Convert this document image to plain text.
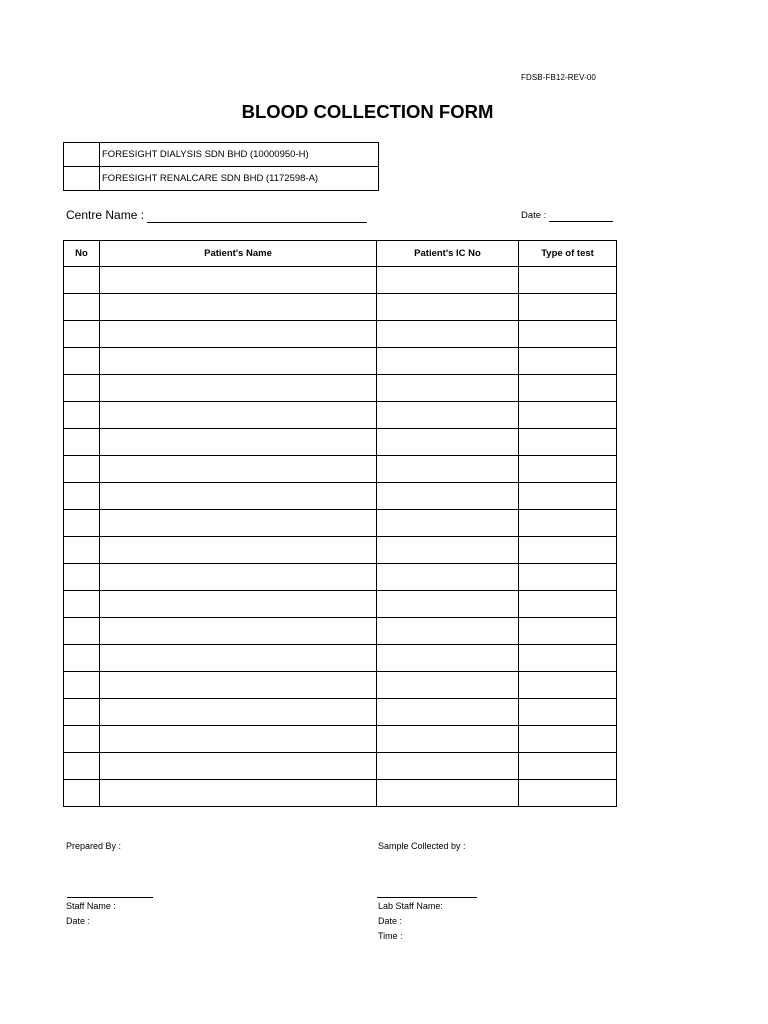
FDSB-FB12-REV-00
BLOOD COLLECTION FORM
	FORESIGHT DIALYSIS SDN BHD (10000950-H)
	FORESIGHT RENALCARE SDN BHD (1172598-A)
Centre Name :	Date :
No	Patient's Name	Patient's IC No	Type of test

Prepared By :	Sample Collected by :
Staff Name :
Date :
Lab Staff Name:
Date :
Time :
